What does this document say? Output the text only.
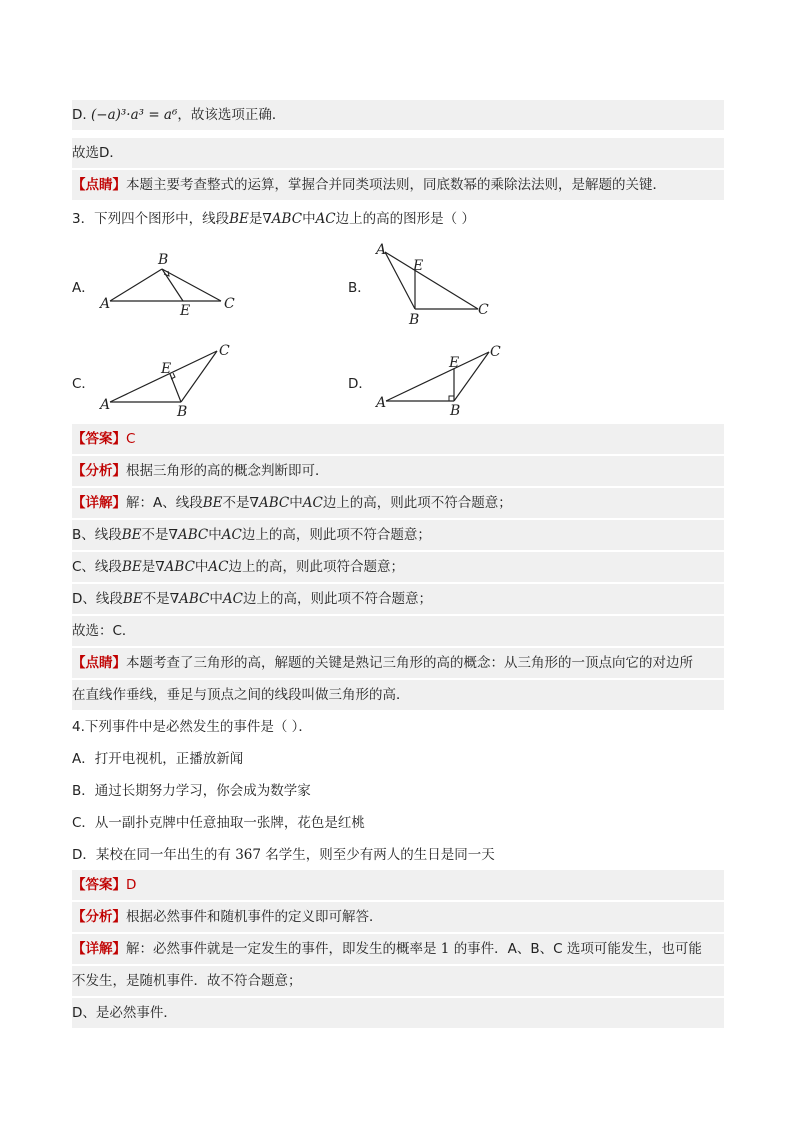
D. (−a)³·a³ = a⁶，故该选项正确．
故选D．
【点睛】本题主要考查整式的运算，掌握合并同类项法则，同底数幂的乘除法法则，是解题的关键．
3．下列四个图形中，线段BE是∇ABC中AC边上的高的图形是（ ）
A．	B．
C．	D．
B
A	C
E
A
B
C
E
A	B
C
E
A	B
C
E
【答案】C
【分析】根据三角形的高的概念判断即可．
【详解】解：A、线段BE不是∇ABC中AC边上的高，则此项不符合题意；
B、线段BE不是∇ABC中AC边上的高，则此项不符合题意；
C、线段BE是∇ABC中AC边上的高，则此项符合题意；
D、线段BE不是∇ABC中AC边上的高，则此项不符合题意；
故选：C．
【点睛】本题考查了三角形的高，解题的关键是熟记三角形的高的概念：从三角形的一顶点向它的对边所
在直线作垂线，垂足与顶点之间的线段叫做三角形的高．
4.下列事件中是必然发生的事件是（ ）．
A．打开电视机，正播放新闻
B．通过长期努力学习，你会成为数学家
C．从一副扑克牌中任意抽取一张牌，花色是红桃
D．某校在同一年出生的有 367 名学生，则至少有两人的生日是同一天
【答案】D
【分析】根据必然事件和随机事件的定义即可解答．
【详解】解：必然事件就是一定发生的事件，即发生的概率是 1 的事件．A、B、C 选项可能发生，也可能
不发生，是随机事件．故不符合题意；
D、是必然事件．
